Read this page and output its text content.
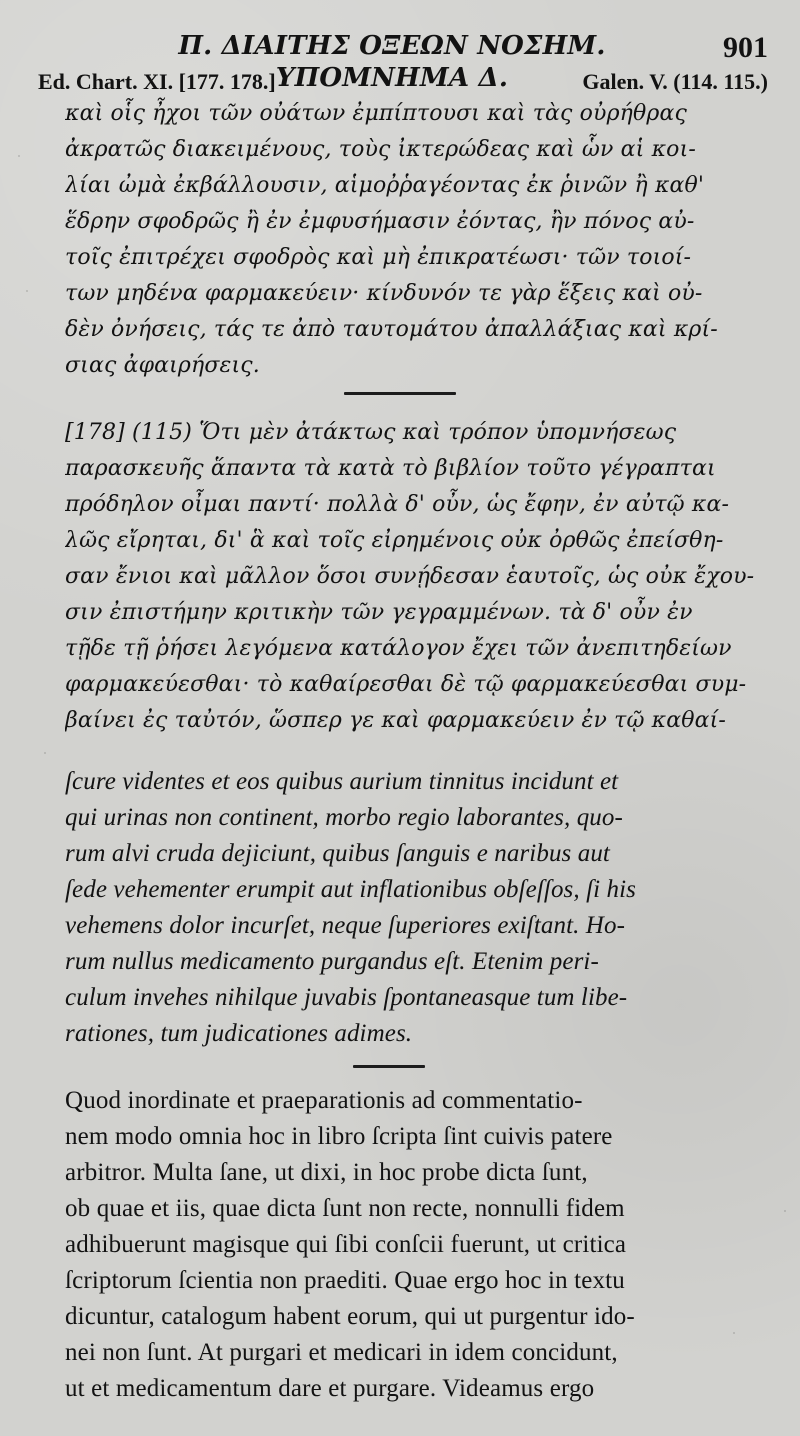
Π. ΔΙΑΙΤΗΣ ΟΞΕΩΝ ΝΟΣΗΜ. ΥΠΟΜΝΗΜΑ Δ.
901
Ed. Chart. XI. [177. 178.]	Galen. V. (114. 115.)
καὶ οἷς ἦχοι τῶν οὐάτων ἐμπίπτουσι καὶ τὰς οὐρήθρας
ἀκρατῶς διακειμένους, τοὺς ἰκτερώδεας καὶ ὧν αἱ κοι-
λίαι ὠμὰ ἐκβάλλουσιν, αἱμοῤῥαγέοντας ἐκ ῥινῶν ἢ καθ'
ἕδρην σφοδρῶς ἢ ἐν ἐμφυσήμασιν ἐόντας, ἢν πόνος αὐ-
τοῖς ἐπιτρέχει σφοδρὸς καὶ μὴ ἐπικρατέωσι· τῶν τοιοί-
των μηδένα φαρμακεύειν· κίνδυνόν τε γὰρ ἕξεις καὶ οὐ-
δὲν ὀνήσεις, τάς τε ἀπὸ ταυτομάτου ἀπαλλάξιας καὶ κρί-
σιας ἀφαιρήσεις.
[178] (115) Ὅτι μὲν ἀτάκτως καὶ τρόπον ὑπομνήσεως
παρασκευῆς ἅπαντα τὰ κατὰ τὸ βιβλίον τοῦτο γέγραπται
πρόδηλον οἶμαι παντί· πολλὰ δ' οὖν, ὡς ἔφην, ἐν αὐτῷ κα-
λῶς εἴρηται, δι' ἃ καὶ τοῖς εἰρημένοις οὐκ ὀρθῶς ἐπείσθη-
σαν ἔνιοι καὶ μᾶλλον ὅσοι συνῄδεσαν ἑαυτοῖς, ὡς οὐκ ἔχου-
σιν ἐπιστήμην κριτικὴν τῶν γεγραμμένων. τὰ δ' οὖν ἐν
τῇδε τῇ ῥήσει λεγόμενα κατάλογον ἔχει τῶν ἀνεπιτηδείων
φαρμακεύεσθαι· τὸ καθαίρεσθαι δὲ τῷ φαρμακεύεσθαι συμ-
βαίνει ἐς ταὐτόν, ὥσπερ γε καὶ φαρμακεύειν ἐν τῷ καθαί-
ſcure videntes et eos quibus aurium tinnitus incidunt et
qui urinas non continent, morbo regio laborantes, quo-
rum alvi cruda dejiciunt, quibus ſanguis e naribus aut
ſede vehementer erumpit aut inflationibus obſeſſos, ſi his
vehemens dolor incurſet, neque ſuperiores exiſtant. Ho-
rum nullus medicamento purgandus eſt. Etenim peri-
culum invehes nihilque juvabis ſpontaneasque tum libe-
rationes, tum judicationes adimes.
Quod inordinate et praeparationis ad commentatio-
nem modo omnia hoc in libro ſcripta ſint cuivis patere
arbitror. Multa ſane, ut dixi, in hoc probe dicta ſunt,
ob quae et iis, quae dicta ſunt non recte, nonnulli fidem
adhibuerunt magisque qui ſibi conſcii fuerunt, ut critica
ſcriptorum ſcientia non praediti. Quae ergo hoc in textu
dicuntur, catalogum habent eorum, qui ut purgentur ido-
nei non ſunt. At purgari et medicari in idem concidunt,
ut et medicamentum dare et purgare. Videamus ergo
